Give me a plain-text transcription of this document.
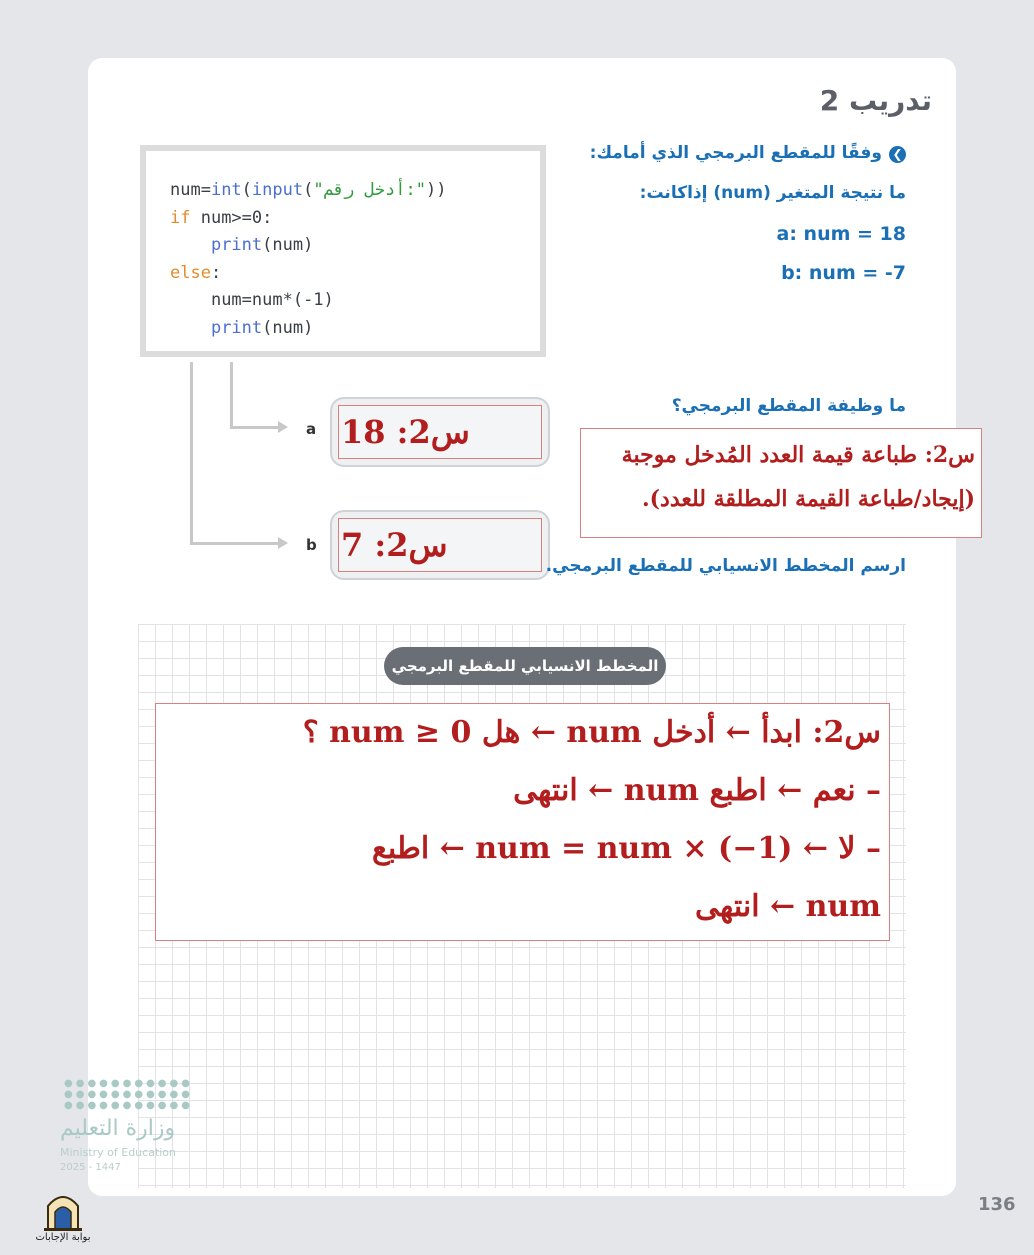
تدريب 2
❮
وفقًا للمقطع البرمجي الذي أمامك:
ما نتيجة المتغير (num) إذاكانت:
a: num = 18
b: num = -7
num=int(input("أدخل رقم:"))
if num>=0:
print(num)
else:
num=num*(-1)
print(num)
a
b
س2: 18
س2: 7
ما وظيفة المقطع البرمجي؟
س2: طباعة قيمة العدد المُدخل موجبة
(إيجاد/طباعة القيمة المطلقة للعدد).
ارسم المخطط الانسيابي للمقطع البرمجي.
المخطط الانسيابي للمقطع البرمجي
س2: ابدأ ← أدخل num ← هل num ≥ 0 ؟
– نعم ← اطبع num ← انتهى
– لا ← num = num × (−1) ← اطبع
num ← انتهى
●●●●●●●●●●●
●●●●●●●●●●●
●●●●●●●●●●●
وزارة التعليم
Ministry of Education
2025 - 1447
بوابة الإجابات
136
